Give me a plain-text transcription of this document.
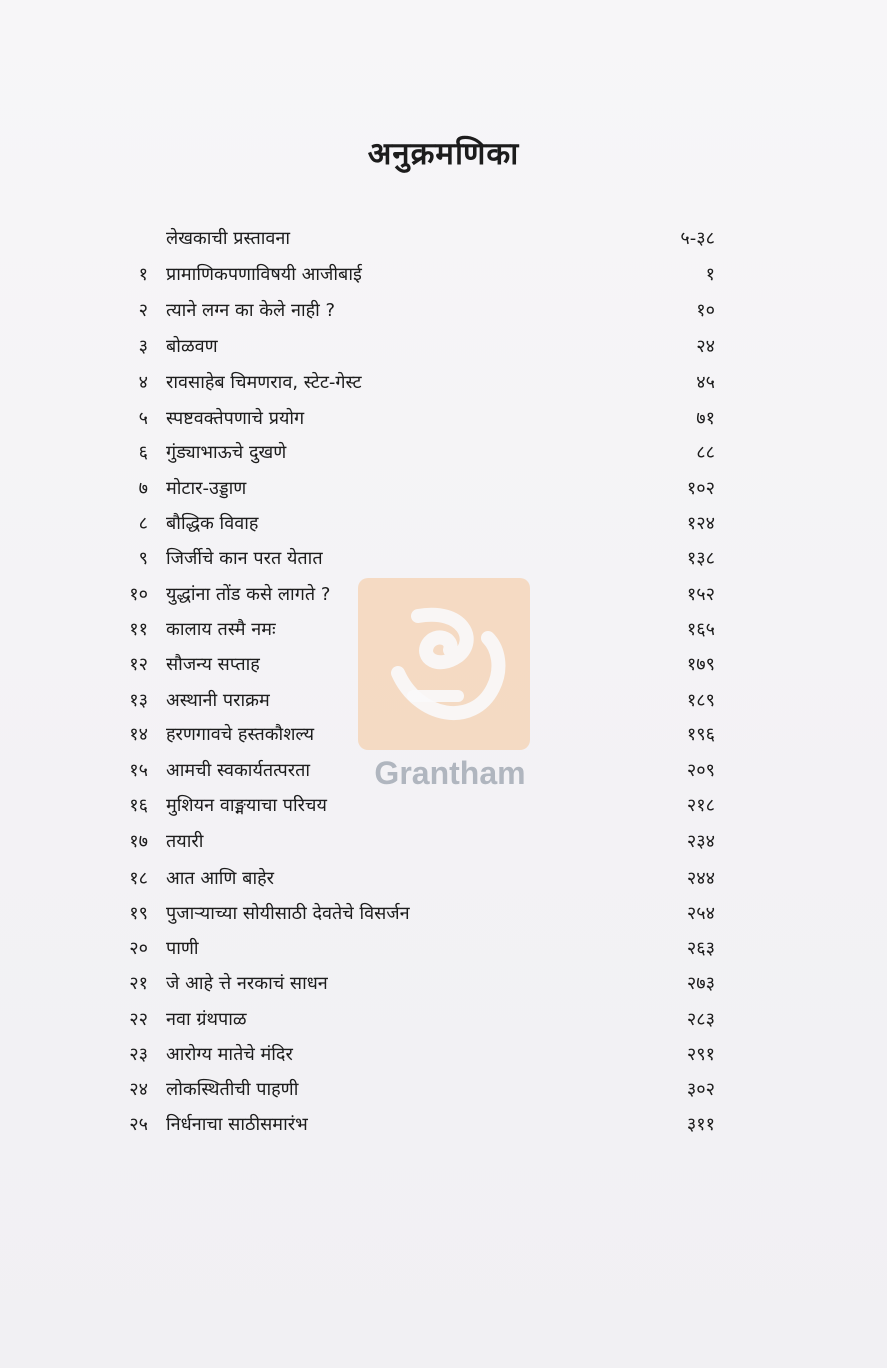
अनुक्रमणिका
Grantham
लेखकाची प्रस्तावना	५-३८
१ प्रामाणिकपणाविषयी आजीबाई	१
२ त्याने लग्न का केले नाही ?	१०
३ बोळवण	२४
४ रावसाहेब चिमणराव, स्टेट-गेस्ट	४५
५ स्पष्टवक्तेपणाचे प्रयोग	७१
६ गुंड्याभाऊचे दुखणे	८८
७ मोटार-उड्डाण	१०२
८ बौद्धिक विवाह	१२४
९ जिर्जीचे कान परत येतात	१३८
१० युद्धांना तोंड कसे लागते ?	१५२
११ कालाय तस्मै नमः	१६५
१२ सौजन्य सप्ताह	१७९
१३ अस्थानी पराक्रम	१८९
१४ हरणगावचे हस्तकौशल्य	१९६
१५ आमची स्वकार्यतत्परता	२०९
१६ मुशियन वाङ्मयाचा परिचय	२१८
१७ तयारी	२३४
१८ आत आणि बाहेर	२४४
१९ पुजाऱ्याच्या सोयीसाठी देवतेचे विसर्जन	२५४
२० पाणी	२६३
२१ जे आहे त्ते नरकाचं साधन	२७३
२२ नवा ग्रंथपाळ	२८३
२३ आरोग्य मातेचे मंदिर	२९१
२४ लोकस्थितीची पाहणी	३०२
२५ निर्धनाचा साठीसमारंभ	३११
